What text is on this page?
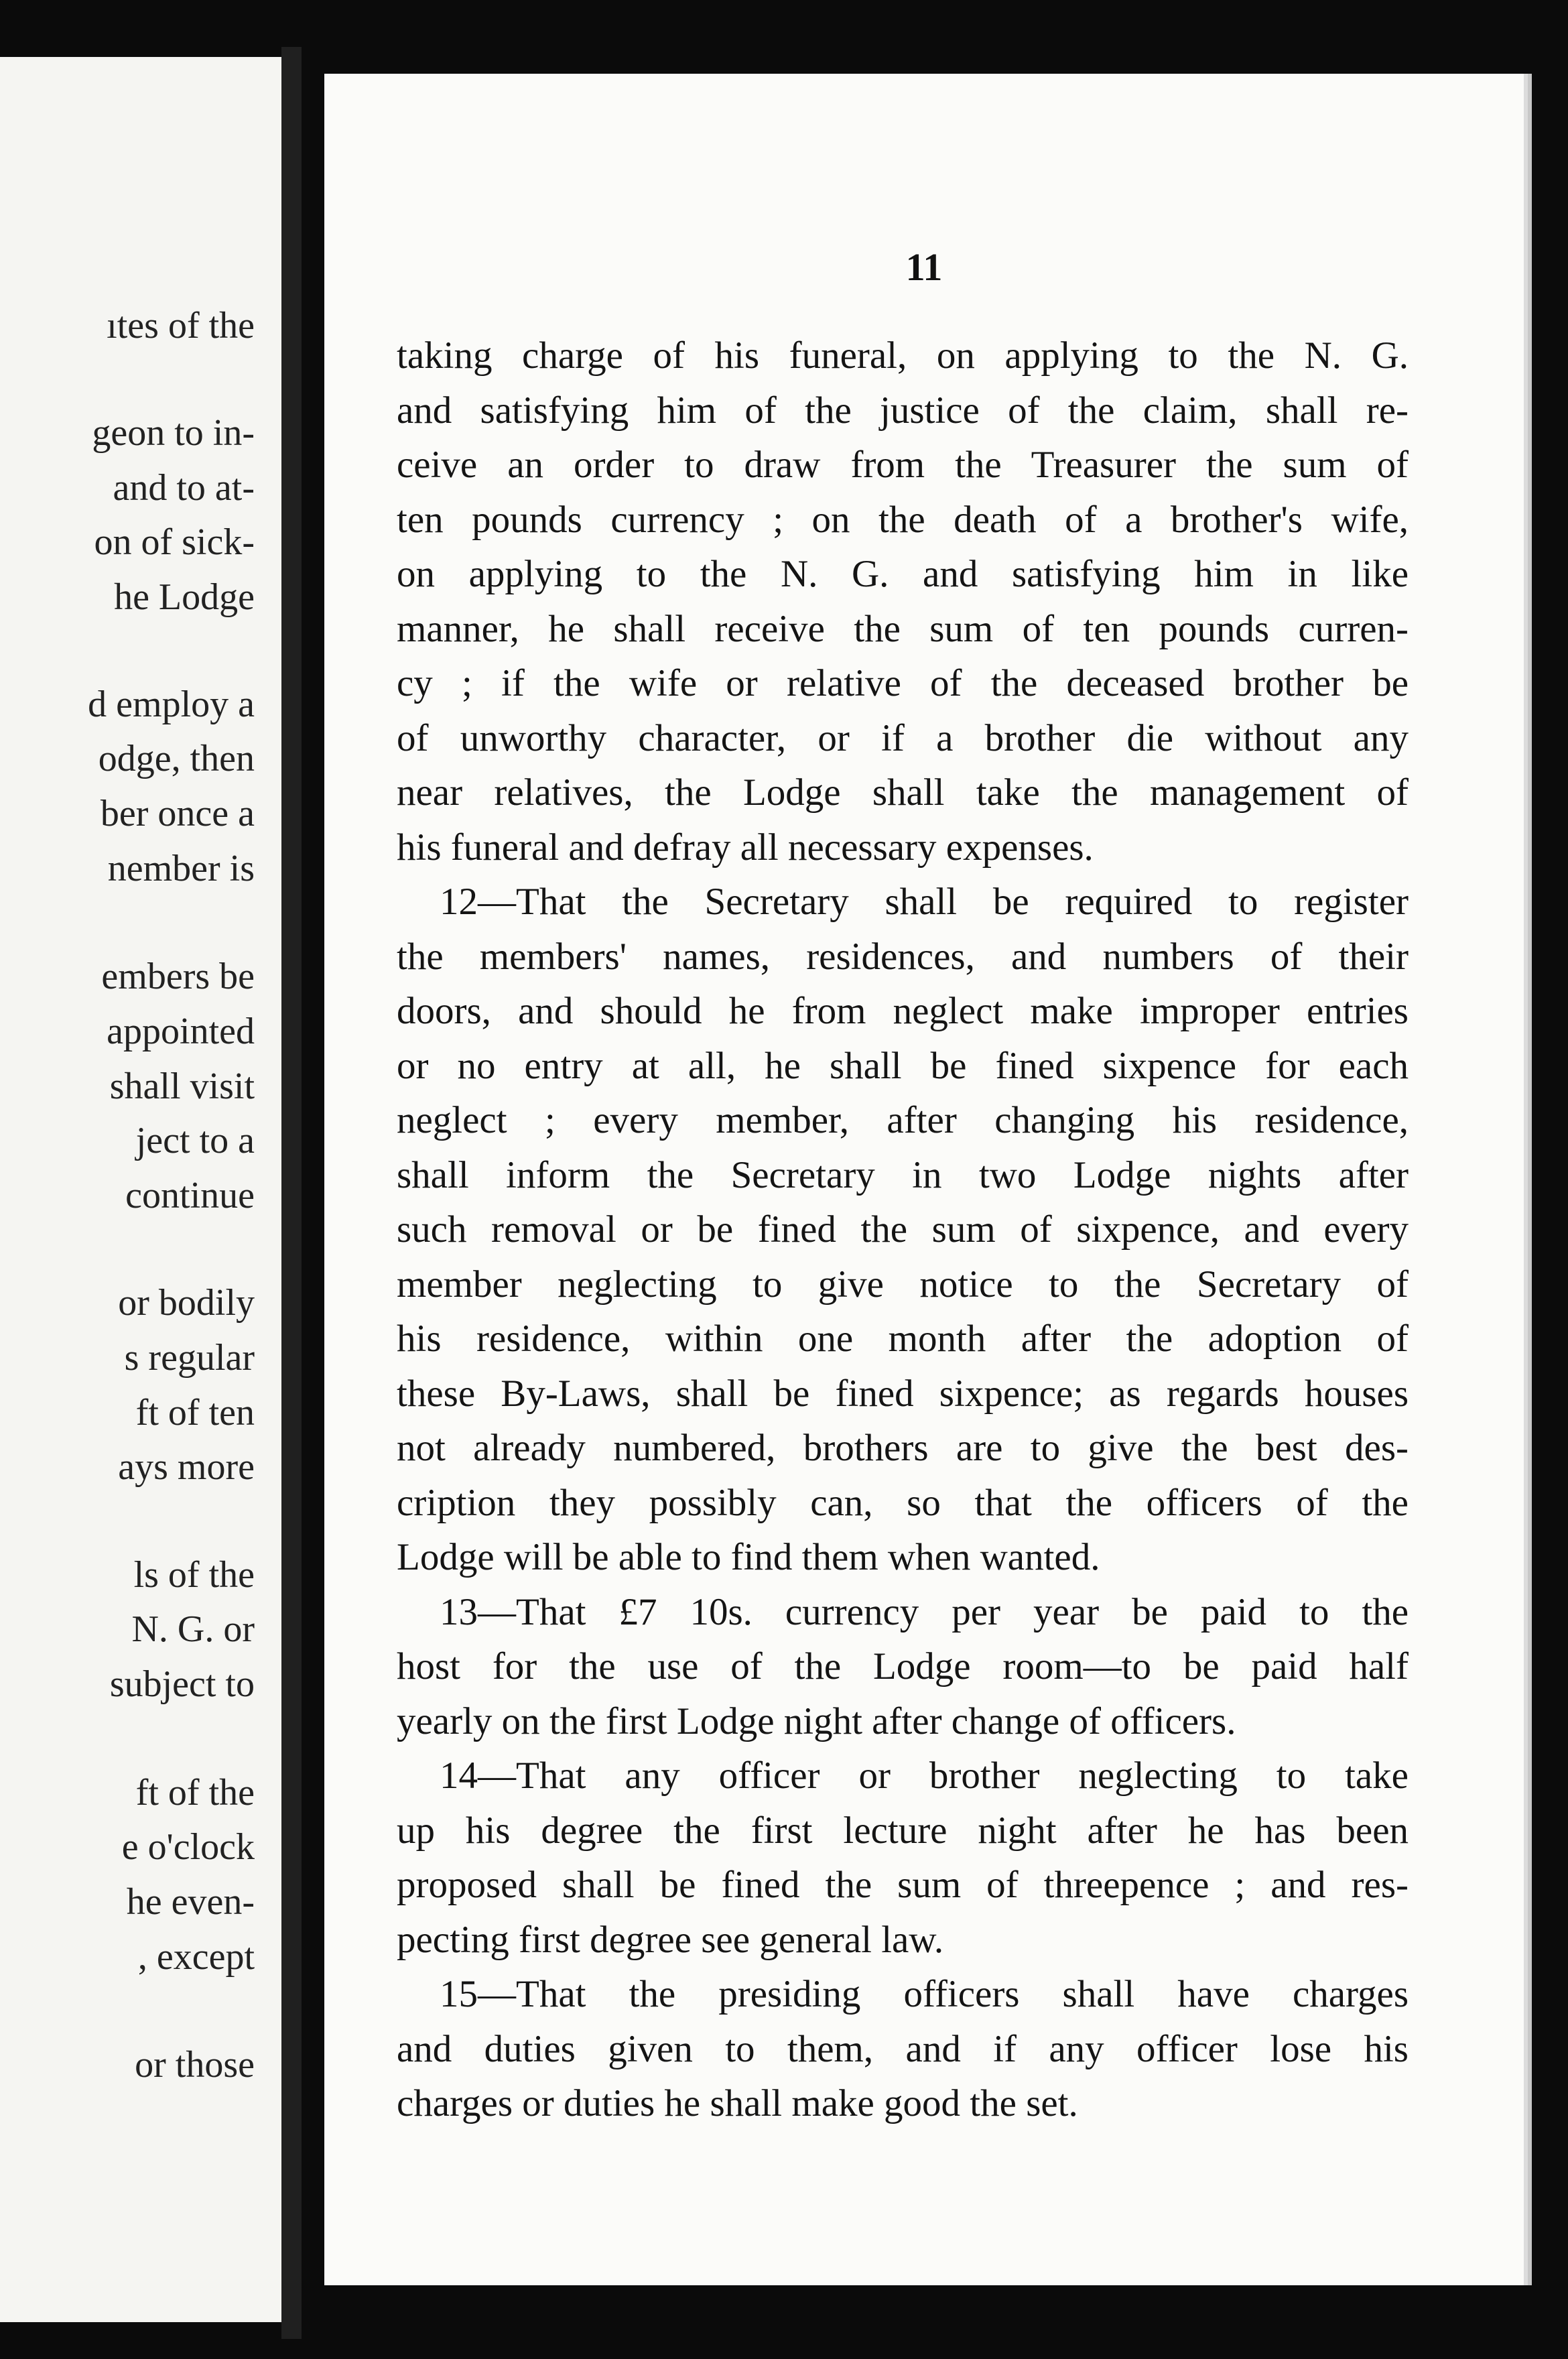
ıtes of the
geon to in-
and to at-
on of sick-
he Lodge
d employ a
odge, then
ber once a
nember is
embers be
appointed
shall visit
ject to a
continue
or bodily
s regular
ft of ten
ays more
ls of the
N. G. or
subject to
ft of the
e o'clock
he even-
, except
or those
11
taking charge of his funeral, on applying to the N. G.
and satisfying him of the justice of the claim, shall re-
ceive an order to draw from the Treasurer the sum of
ten pounds currency ; on the death of a brother's wife,
on applying to the N. G. and satisfying him in like
manner, he shall receive the sum of ten pounds curren-
cy ; if the wife or relative of the deceased brother be
of unworthy character, or if a brother die without any
near relatives, the Lodge shall take the management of
his funeral and defray all necessary expenses.
12—That the Secretary shall be required to register
the members' names, residences, and numbers of their
doors, and should he from neglect make improper entries
or no entry at all, he shall be fined sixpence for each
neglect ; every member, after changing his residence,
shall inform the Secretary in two Lodge nights after
such removal or be fined the sum of sixpence, and every
member neglecting to give notice to the Secretary of
his residence, within one month after the adoption of
these By-Laws, shall be fined sixpence; as regards houses
not already numbered, brothers are to give the best des-
cription they possibly can, so that the officers of the
Lodge will be able to find them when wanted.
13—That £7 10s. currency per year be paid to the
host for the use of the Lodge room—to be paid half
yearly on the first Lodge night after change of officers.
14—That any officer or brother neglecting to take
up his degree the first lecture night after he has been
proposed shall be fined the sum of threepence ; and res-
pecting first degree see general law.
15—That the presiding officers shall have charges
and duties given to them, and if any officer lose his
charges or duties he shall make good the set.
